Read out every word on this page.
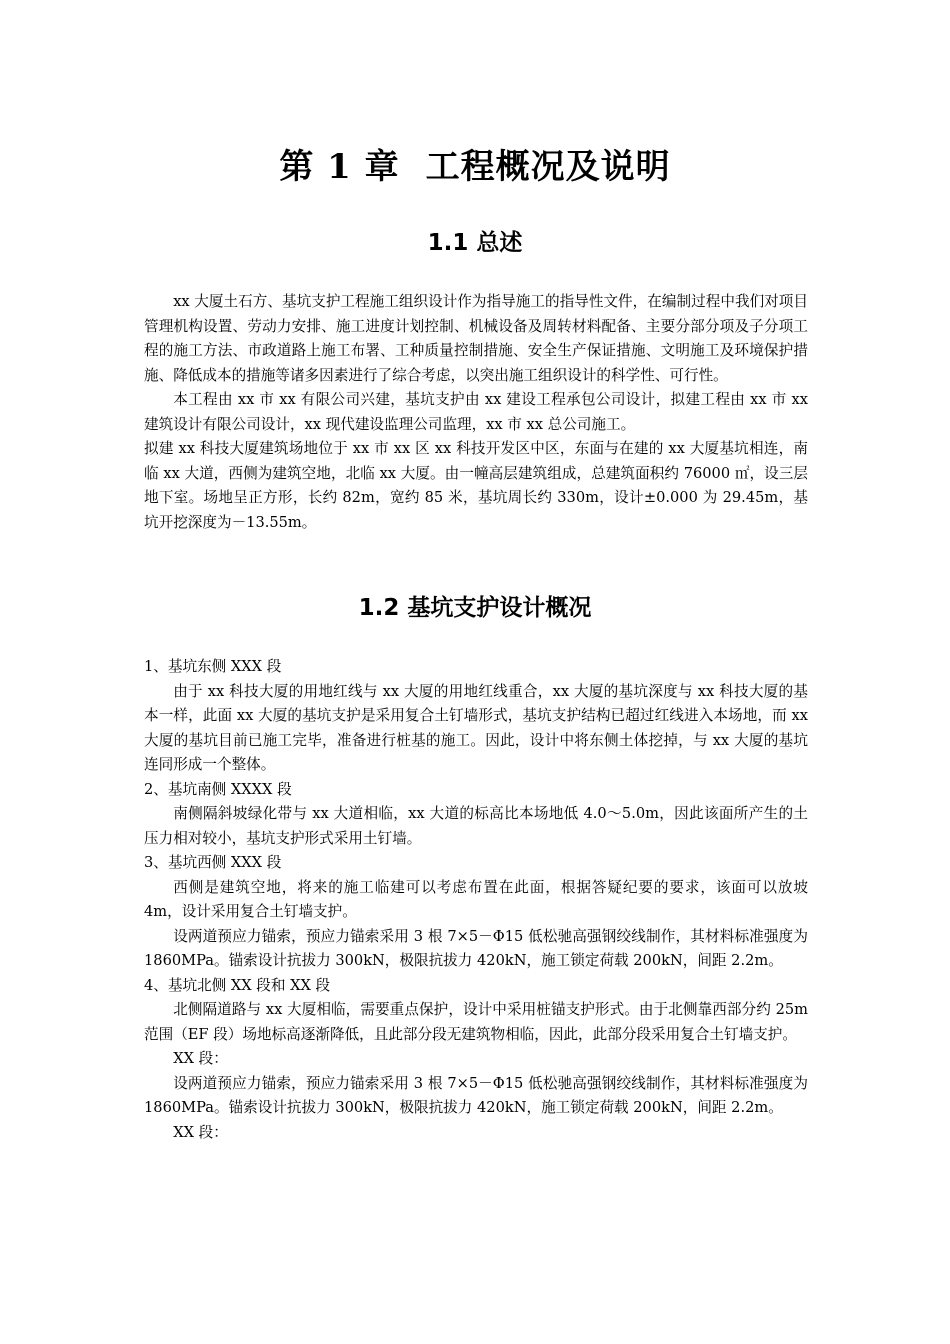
第 1 章 工程概况及说明
1.1 总述

xx 大厦土石方、基坑支护工程施工组织设计作为指导施工的指导性文件，在编制过程中我们对项目管理机构设置、劳动力安排、施工进度计划控制、机械设备及周转材料配备、主要分部分项及子分项工程的施工方法、市政道路上施工布署、工种质量控制措施、安全生产保证措施、文明施工及环境保护措施、降低成本的措施等诸多因素进行了综合考虑，以突出施工组织设计的科学性、可行性。

本工程由 xx 市 xx 有限公司兴建，基坑支护由 xx 建设工程承包公司设计，拟建工程由 xx 市 xx 建筑设计有限公司设计，xx 现代建设监理公司监理，xx 市 xx 总公司施工。

拟建 xx 科技大厦建筑场地位于 xx 市 xx 区 xx 科技开发区中区，东面与在建的 xx 大厦基坑相连，南临 xx 大道，西侧为建筑空地，北临 xx 大厦。由一幢高层建筑组成，总建筑面积约 76000 ㎡，设三层地下室。场地呈正方形，长约 82m，宽约 85 米，基坑周长约 330m，设计±0.000 为 29.45m，基坑开挖深度为－13.55m。

1.2 基坑支护设计概况

1、基坑东侧 XXX 段

由于 xx 科技大厦的用地红线与 xx 大厦的用地红线重合，xx 大厦的基坑深度与 xx 科技大厦的基本一样，此面 xx 大厦的基坑支护是采用复合土钉墙形式，基坑支护结构已超过红线进入本场地，而 xx 大厦的基坑目前已施工完毕，准备进行桩基的施工。因此，设计中将东侧土体挖掉，与 xx 大厦的基坑连同形成一个整体。

2、基坑南侧 XXXX 段

南侧隔斜坡绿化带与 xx 大道相临，xx 大道的标高比本场地低 4.0～5.0m，因此该面所产生的土压力相对较小，基坑支护形式采用土钉墙。

3、基坑西侧 XXX 段

西侧是建筑空地，将来的施工临建可以考虑布置在此面，根据答疑纪要的要求，该面可以放坡 4m，设计采用复合土钉墙支护。

设两道预应力锚索，预应力锚索采用 3 根 7×5－Φ15 低松驰高强钢绞线制作，其材料标准强度为 1860MPa。锚索设计抗拔力 300kN，极限抗拔力 420kN，施工锁定荷载 200kN，间距 2.2m。

4、基坑北侧 XX 段和 XX 段

北侧隔道路与 xx 大厦相临，需要重点保护，设计中采用桩锚支护形式。由于北侧靠西部分约 25m 范围（EF 段）场地标高逐渐降低，且此部分段无建筑物相临，因此，此部分段采用复合土钉墙支护。

XX 段：

设两道预应力锚索，预应力锚索采用 3 根 7×5－Φ15 低松驰高强钢绞线制作，其材料标准强度为 1860MPa。锚索设计抗拔力 300kN，极限抗拔力 420kN，施工锁定荷载 200kN，间距 2.2m。

XX 段：
